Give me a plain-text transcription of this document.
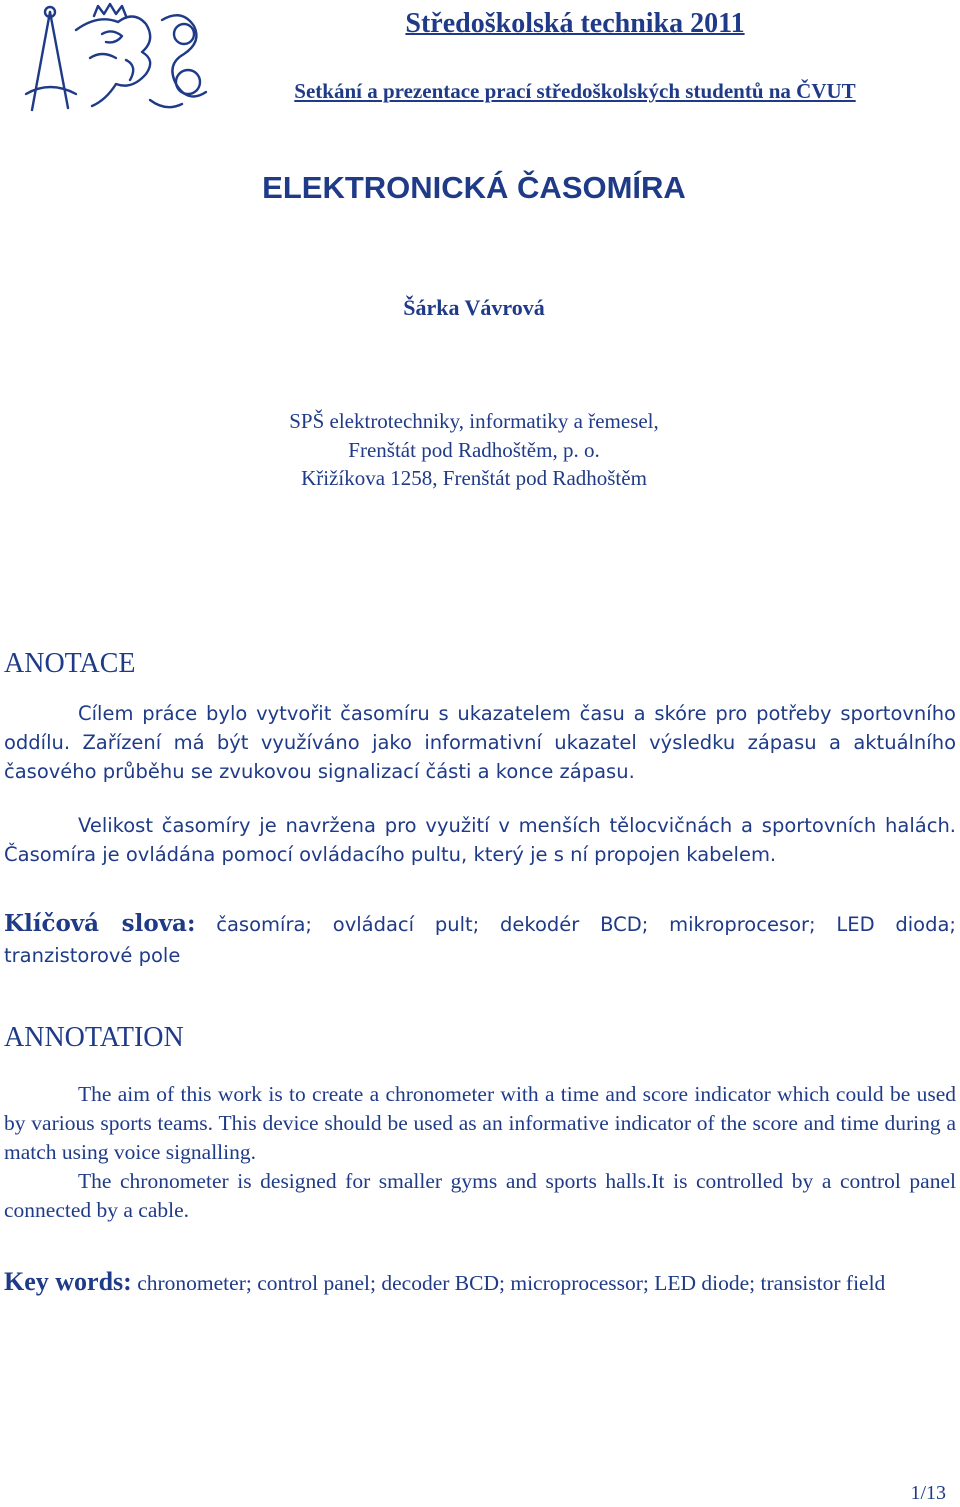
Středoškolská technika 2011
Setkání a prezentace prací středoškolských studentů na ČVUT
ELEKTRONICKÁ ČASOMÍRA
Šárka Vávrová
SPŠ elektrotechniky, informatiky a řemesel,
Frenštát pod Radhoštěm, p. o.
Křižíkova 1258, Frenštát pod Radhoštěm
ANOTACE

Cílem práce bylo vytvořit časomíru s ukazatelem času a skóre pro potřeby sportovního oddílu. Zařízení má být využíváno jako informativní ukazatel výsledku zápasu a aktuálního časového průběhu se zvukovou signalizací části a konce zápasu.

Velikost časomíry je navržena pro využití v menších tělocvičnách a sportovních halách. Časomíra je ovládána pomocí ovládacího pultu, který je s ní propojen kabelem.

Klíčová slova: časomíra; ovládací pult; dekodér BCD; mikroprocesor; LED dioda; tranzistorové pole

ANNOTATION

The aim of this work is to create a chronometer with a time and score indicator which could be used by various sports teams. This device should be used as an informative indicator of the score and time during a match using voice signalling.
The chronometer is designed for smaller gyms and sports halls.It is controlled by a control panel connected by a cable.

Key words: chronometer; control panel; decoder BCD; microprocessor; LED diode; transistor field

1/13
